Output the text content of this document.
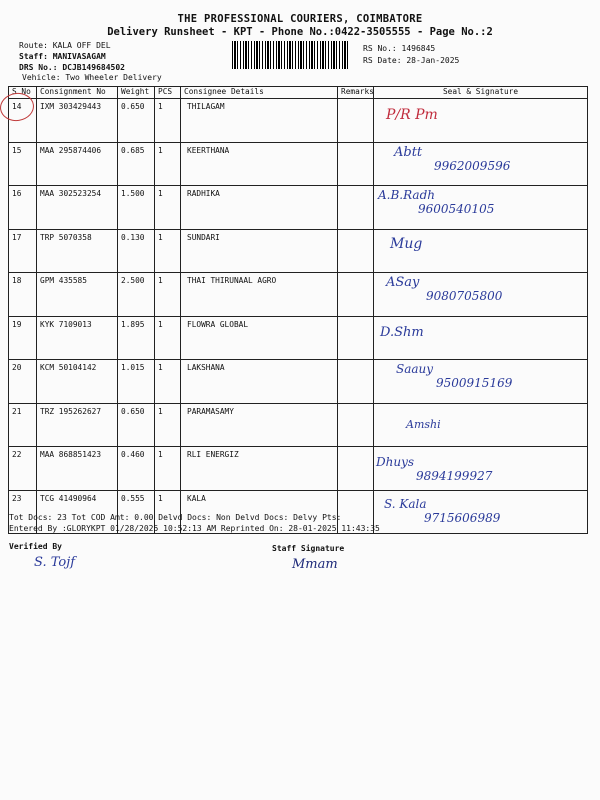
THE PROFESSIONAL COURIERS, COIMBATORE
Delivery Runsheet - KPT - Phone No.:0422-3505555 - Page No.:2
Route: KALA OFF DEL
Staff: MANIVASAGAM
DRS No.: DCJB149684502
Vehicle: Two Wheeler Delivery
RS No.: 1496845
RS Date: 28-Jan-2025
S No	Consignment No	Weight	PCS	Consignee Details	Remarks	Seal & Signature
14	IXM 303429443	0.650	1	THILAGAM		P/R Pm

15	MAA 295874406	0.685	1	KEERTHANA		Abtt
9962009596

16	MAA 302523254	1.500	1	RADHIKA		A.B.Radh
9600540105

17	TRP 5070358	0.130	1	SUNDARI		Mug

18	GPM 435585	2.500	1	THAI THIRUNAAL AGRO		ASay
9080705800

19	KYK 7109013	1.895	1	FLOWRA GLOBAL		D.Shm

20	KCM 50104142	1.015	1	LAKSHANA		Saauy
9500915169

21	TRZ 195262627	0.650	1	PARAMASAMY		Amshi

22	MAA 868851423	0.460	1	RLI ENERGIZ		Dhuys
9894199927

23	TCG 41490964	0.555	1	KALA		S. Kala
9715606989
Tot Docs: 23 Tot COD Amt: 0.00 Delvd Docs: Non Delvd Docs: Delvy Pts:
Entered By :GLORYKPT 01/28/2025 10:52:13 AM Reprinted On: 28-01-2025 11:43:35
Verified By	Staff Signature
S. Tojf	Mmam
